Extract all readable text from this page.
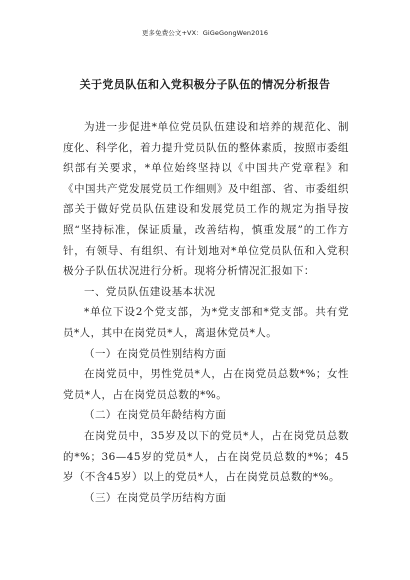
更多免费公文+VX：GiGeGongWen2016
关于党员队伍和入党积极分子队伍的情况分析报告

为进一步促进*单位党员队伍建设和培养的规范化、制度化、科学化，着力提升党员队伍的整体素质，按照市委组织部有关要求，*单位始终坚持以《中国共产党章程》和《中国共产党发展党员工作细则》及中组部、省、市委组织部关于做好党员队伍建设和发展党员工作的规定为指导按照“坚持标准，保证质量，改善结构，慎重发展”的工作方针，有领导、有组织、有计划地对*单位党员队伍和入党积极分子队伍状况进行分析。现将分析情况汇报如下：

一、党员队伍建设基本状况

*单位下设2个党支部，为*党支部和*党支部。共有党员*人，其中在岗党员*人，离退休党员*人。

（一）在岗党员性别结构方面

在岗党员中，男性党员*人，占在岗党员总数*%；女性党员*人，占在岗党员总数的*%。

（二）在岗党员年龄结构方面

在岗党员中，35岁及以下的党员*人，占在岗党员总数的*%；36—45岁的党员*人，占在岗党员总数的*%；45岁（不含45岁）以上的党员*人，占在岗党员总数的*%。

（三）在岗党员学历结构方面
